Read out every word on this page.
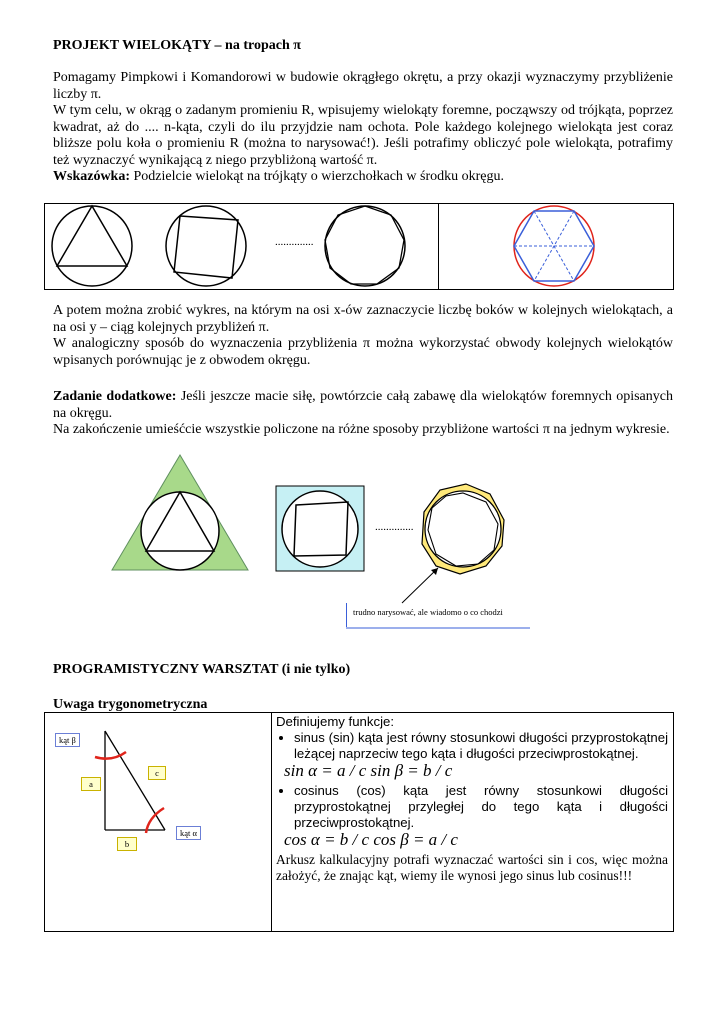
PROJEKT WIELOKĄTY – na tropach π
Pomagamy Pimpkowi i Komandorowi w budowie okrągłego okrętu, a przy okazji wyznaczymy przybliżenie liczby π.
W tym celu, w okrąg o zadanym promieniu R, wpisujemy wielokąty foremne, począwszy od trójkąta, poprzez kwadrat, aż do .... n-kąta, czyli do ilu przyjdzie nam ochota. Pole każdego kolejnego wielokąta jest coraz bliższe polu koła o promieniu R (można to narysować!). Jeśli potrafimy obliczyć pole wielokąta, potrafimy też wyznaczyć wynikającą z niego przybliżoną wartość π.
Wskazówka: Podzielcie wielokąt na trójkąty o wierzchołkach w środku okręgu.
..............
A potem można zrobić wykres, na którym na osi x-ów zaznaczycie liczbę boków w kolejnych wielokątach, a na osi y – ciąg kolejnych przybliżeń π.
W analogiczny sposób do wyznaczenia przybliżenia π można wykorzystać obwody kolejnych wielokątów wpisanych porównując je z obwodem okręgu.
Zadanie dodatkowe: Jeśli jeszcze macie siłę, powtórzcie całą zabawę dla wielokątów foremnych opisanych na okręgu.
Na zakończenie umieśćcie wszystkie policzone na różne sposoby przybliżone wartości π na jednym wykresie.
..............
trudno narysować, ale wiadomo o co chodzi
PROGRAMISTYCZNY WARSZTAT (i nie tylko)
Uwaga trygonometryczna
kąt β
a
c
b
kąt α
Definiujemy funkcje:
• sinus (sin) kąta jest równy stosunkowi długości przyprostokątnej leżącej naprzeciw tego kąta i długości przeciwprostokątnej.
sin α = a / c sin β = b / c
• cosinus (cos) kąta jest równy stosunkowi długości przyprostokątnej przyległej do tego kąta i długości przeciwprostokątnej.
cos α = b / c cos β = a / c
Arkusz kalkulacyjny potrafi wyznaczać wartości sin i cos, więc można założyć, że znając kąt, wiemy ile wynosi jego sinus lub cosinus!!!
